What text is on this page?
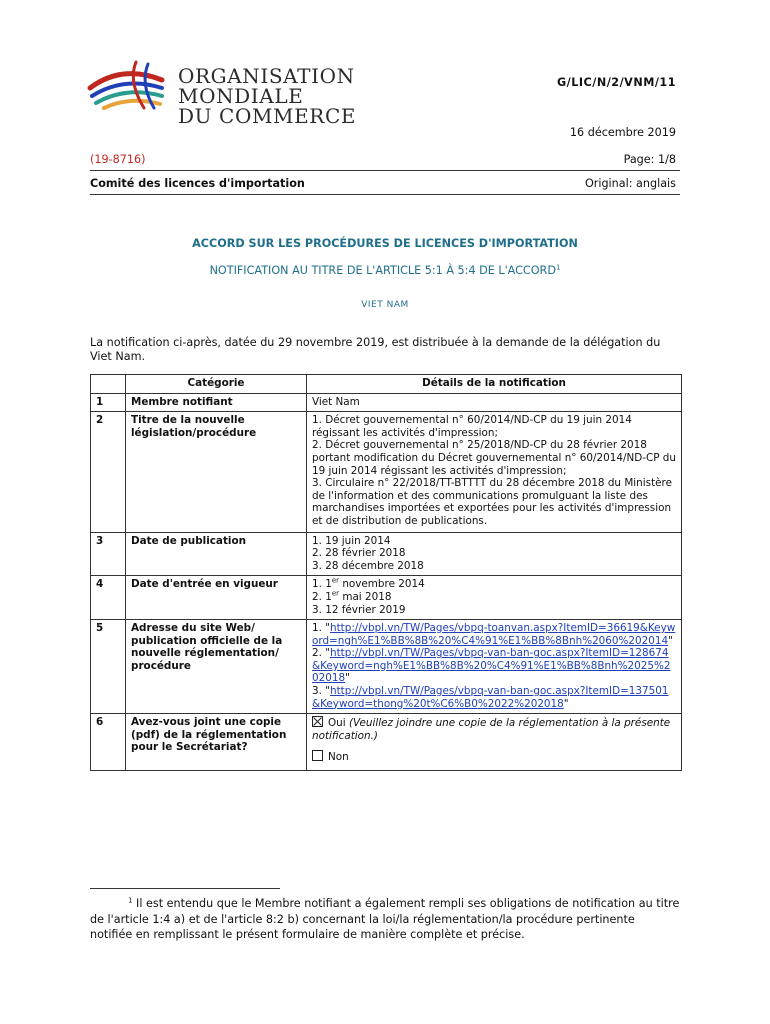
ORGANISATION
MONDIALE
DU COMMERCE
G/LIC/N/2/VNM/11
16 décembre 2019
(19-8716)	Page: 1/8
Comité des licences d'importation	Original: anglais
ACCORD SUR LES PROCÉDURES DE LICENCES D'IMPORTATION
NOTIFICATION AU TITRE DE L'ARTICLE 5:1 À 5:4 DE L'ACCORD$^1$
VIET NAM
La notification ci-après, datée du 29 novembre 2019, est distribuée à la demande de la délégation du Viet Nam.
	Catégorie	Détails de la notification
1	Membre notifiant	Viet Nam

2	Titre de la nouvelle législation/procédure	1. Décret gouvernemental n° 60/2014/ND-CP du 19 juin 2014 régissant les activités d'impression;
2. Décret gouvernemental n° 25/2018/ND-CP du 28 février 2018 portant modification du Décret gouvernemental n° 60/2014/ND-CP du 19 juin 2014 régissant les activités d'impression;
3. Circulaire n° 22/2018/TT-BTTTT du 28 décembre 2018 du Ministère de l'information et des communications promulguant la liste des marchandises importées et exportées pour les activités d'impression et de distribution de publications.

3	Date de publication	1. 19 juin 2014
2. 28 février 2018
3. 28 décembre 2018

4	Date d'entrée en vigueur	1. 1er novembre 2014
2. 1er mai 2018
3. 12 février 2019

5	Adresse du site Web/ publication officielle de la nouvelle réglementation/ procédure	1. "http://vbpl.vn/TW/Pages/vbpq-toanvan.aspx?ItemID=36619&Keyword=ngh%E1%BB%8B%20%C4%91%E1%BB%8Bnh%2060%202014"
2. "http://vbpl.vn/TW/Pages/vbpq-van-ban-goc.aspx?ItemID=128674&Keyword=ngh%E1%BB%8B%20%C4%91%E1%BB%8Bnh%2025%202018"
3. "http://vbpl.vn/TW/Pages/vbpq-van-ban-goc.aspx?ItemID=137501&Keyword=thong%20t%C6%B0%2022%202018"

6	Avez-vous joint une copie (pdf) de la réglementation pour le Secrétariat?	Oui (Veuillez joindre une copie de la réglementation à la présente notification.)
Non
$^1$ Il est entendu que le Membre notifiant a également rempli ses obligations de notification au titre de l'article 1:4 a) et de l'article 8:2 b) concernant la loi/la réglementation/la procédure pertinente notifiée en remplissant le présent formulaire de manière complète et précise.
